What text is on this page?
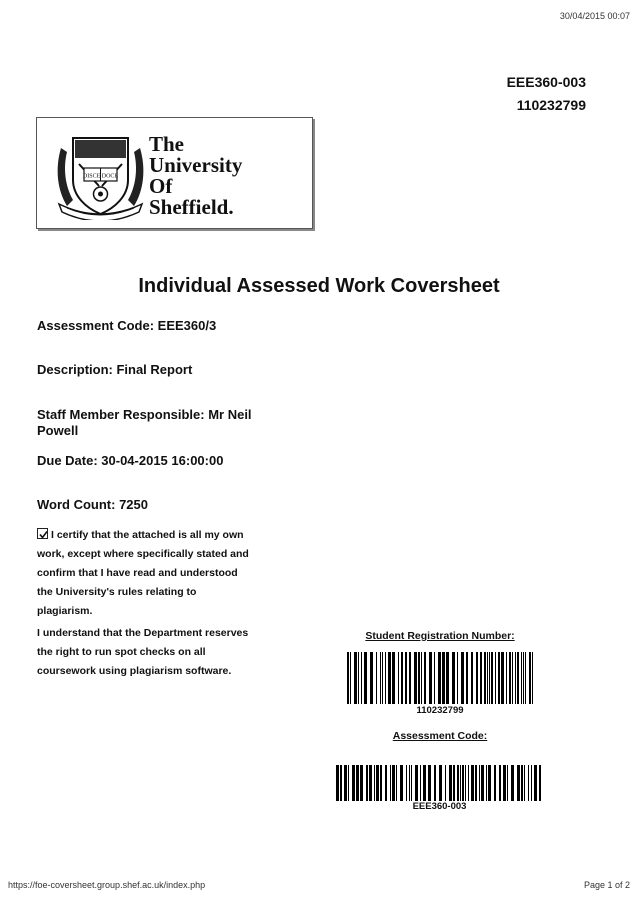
30/04/2015 00:07
EEE360-003
110232799
DISCE DOCE
The
University
Of
Sheffield.
Individual Assessed Work Coversheet
Assessment Code: EEE360/3
Description: Final Report
Staff Member Responsible: Mr Neil
Powell
Due Date: 30-04-2015 16:00:00
Word Count: 7250
I certify that the attached is all my own
work, except where specifically stated and
confirm that I have read and understood
the University's rules relating to
plagiarism.
I understand that the Department reserves
the right to run spot checks on all
coursework using plagiarism software.
Student Registration Number:
110232799
Assessment Code:
EEE360-003
https://foe-coversheet.group.shef.ac.uk/index.php	Page 1 of 2
